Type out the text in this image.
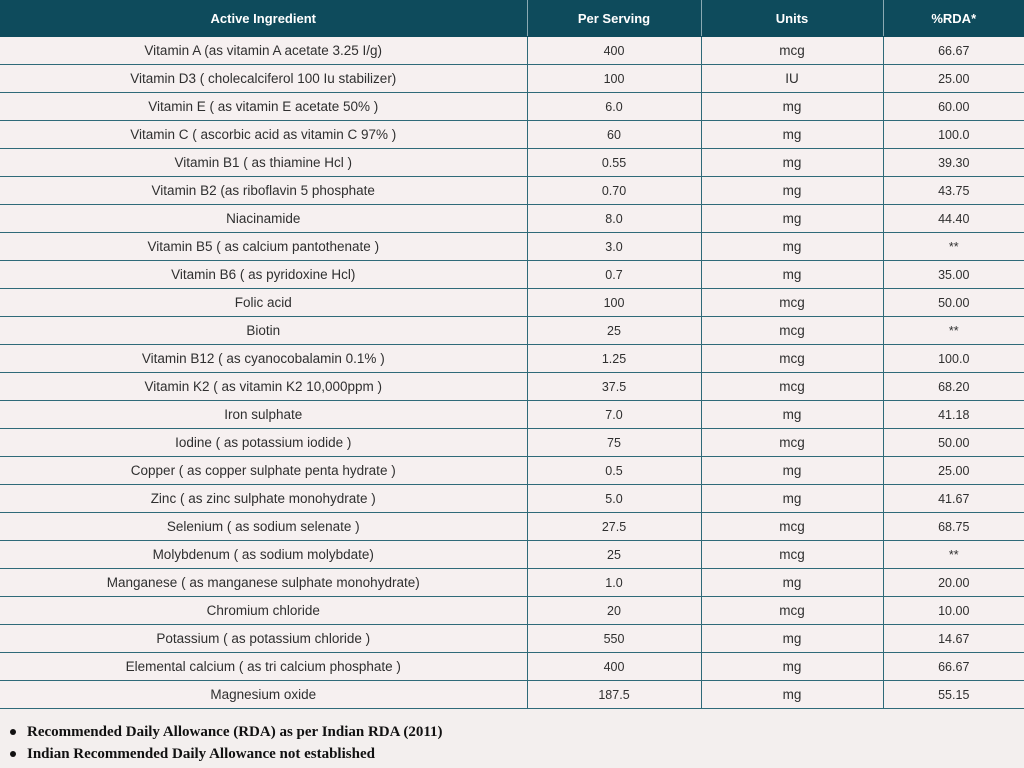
Active Ingredient	Per Serving	Units	%RDA*
Vitamin A (as vitamin A acetate 3.25 I/g)	400	mcg	66.67
Vitamin D3 ( cholecalciferol 100 Iu stabilizer)	100	IU	25.00
Vitamin E ( as vitamin E acetate 50% )	6.0	mg	60.00
Vitamin C ( ascorbic acid as vitamin C 97% )	60	mg	100.0
Vitamin B1 ( as thiamine Hcl )	0.55	mg	39.30
Vitamin B2 (as riboflavin 5 phosphate	0.70	mg	43.75
Niacinamide	8.0	mg	44.40
Vitamin B5 ( as calcium pantothenate )	3.0	mg	**
Vitamin B6 ( as pyridoxine Hcl)	0.7	mg	35.00
Folic acid	100	mcg	50.00
Biotin	25	mcg	**
Vitamin B12 ( as cyanocobalamin 0.1% )	1.25	mcg	100.0
Vitamin K2 ( as vitamin K2 10,000ppm )	37.5	mcg	68.20
Iron sulphate	7.0	mg	41.18
Iodine ( as potassium iodide )	75	mcg	50.00
Copper ( as copper sulphate penta hydrate )	0.5	mg	25.00
Zinc ( as zinc sulphate monohydrate )	5.0	mg	41.67
Selenium ( as sodium selenate )	27.5	mcg	68.75
Molybdenum ( as sodium molybdate)	25	mcg	**
Manganese ( as manganese sulphate monohydrate)	1.0	mg	20.00
Chromium chloride	20	mcg	10.00
Potassium ( as potassium chloride )	550	mg	14.67
Elemental calcium ( as tri calcium phosphate )	400	mg	66.67
Magnesium oxide	187.5	mg	55.15
Recommended Daily Allowance (RDA) as per Indian RDA (2011)
Indian Recommended Daily Allowance not established
